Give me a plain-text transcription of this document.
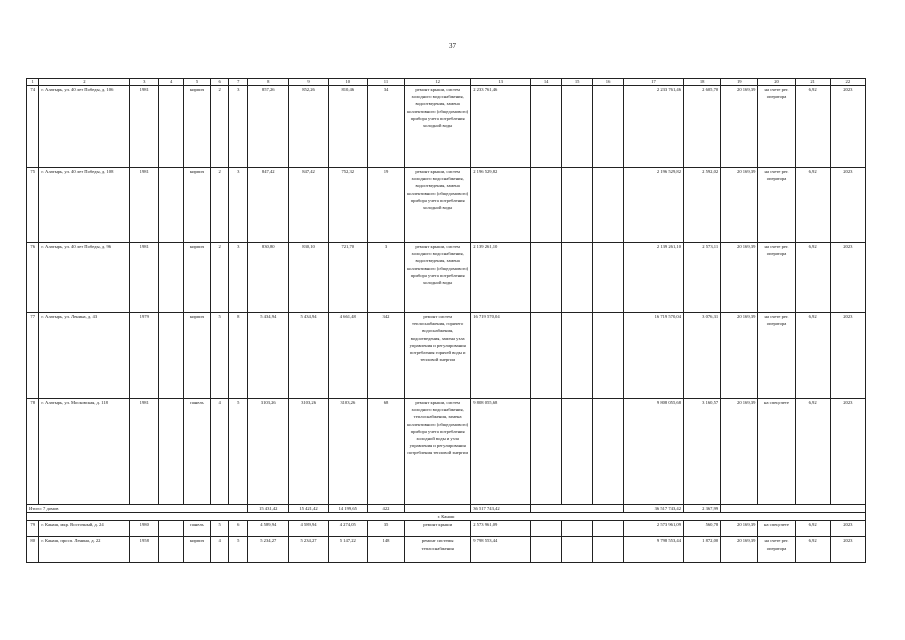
37
1	2	3	4	5	6	7	8	9	10	11	12	13	14	15	16	17	18	19	20	21	22
74	г. Алатырь, ул. 40 лет Победы, д. 106	1981		кирпич	2	3	857,26	852,26	810,46	34	ремонт крыши, систем холодного водоснабжения, водоотведения, замена коллективного (общедомового) прибора учета потребления холодной воды	2 233 761,46				2 233 761,46	2 605,70	20 169,39	на счете рег. оператора	6,92	2023
75	г. Алатырь, ул. 40 лет Победы, д. 108	1981		кирпич	2	3	847,42	847,42	752,32	19	ремонт крыши, систем холодного водоснабжения, водоотведения, замена коллективного (общедомового) прибора учета потребления холодной воды	2 196 529,82				2 196 529,82	2 592,02	20 169,39	на счете рег. оператора	6,92	2023
76	г. Алатырь, ул. 40 лет Победы, д. 96	1981		кирпич	2	3	830,80	830,10	721,70	3	ремонт крыши, систем холодного водоснабжения, водоотведения, замена коллективного (общедомового) прибора учета потребления холодной воды	2 139 261,10				2 139 261,10	2 573,11	20 169,39	на счете рег. оператора	6,92	2023
77	г. Алатырь, ул. Ленина, д. 43	1979		кирпич	5	8	5 434,94	5 434,94	4 661,48	342	ремонт систем теплоснабжения, горячего водоснабжения, водоотведения, замена узла управления и регулирования потребления горячей воды и тепловой энергии	16 719 570,04				16 719 570,04	3 076,31	20 169,39	на счете рег. оператора	6,92	2023
78	г. Алатырь, ул. Московская, д. 118	1981		панель	4	5	3103,26	3103,26	3103,26	68	ремонт крыши, систем холодного водоснабжения, теплоснабжения, замена коллективного (общедомового) прибора учета потребления холодной воды и узла управления и регулирования потребления тепловой энергии	9 808 055,68				9 808 055,68	3 160,57	20 169,39	на спецсчете	6,92	2023
Итого: 7 домов							15 431,42	15 421,42	14 199,65	422		36 517 743,42				36 517 743,42	2 367,99				
г. Канаш																					
79	г. Канаш, мкр. Восточный, д. 24	1980		панель	5	6	4 589,94	4 589,94	4 274,05	35	ремонт крыши	2 573 961,09				2 573 961,09	560,78	20 169,39	на спецсчете	6,92	2023
80	г. Канаш, просп. Ленина, д. 22	1958		кирпич	4	5	5 234,27	5 234,27	5 147,22	148	ремонт системы теплоснабжения	9 798 553,44				9 798 553,44	1 872,00	20 169,39	на счете рег. оператора	6,92	2023
